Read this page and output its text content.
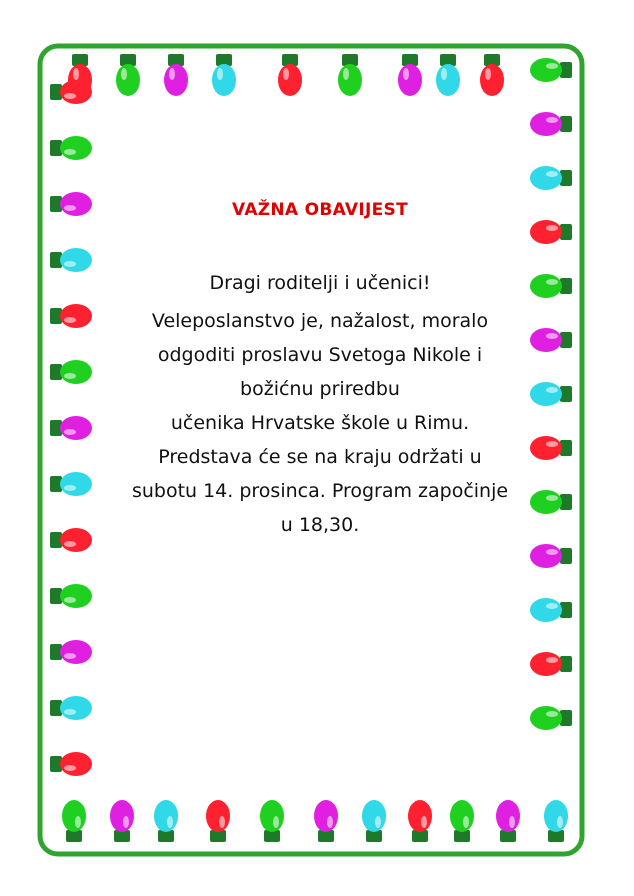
VAŽNA OBAVIJEST
Dragi roditelji i učenici!
Veleposlanstvo je, nažalost, moralo
odgoditi proslavu Svetoga Nikole i
božićnu priredbu
učenika Hrvatske škole u Rimu.
Predstava će se na kraju održati u
subotu 14. prosinca. Program započinje
u 18,30.
